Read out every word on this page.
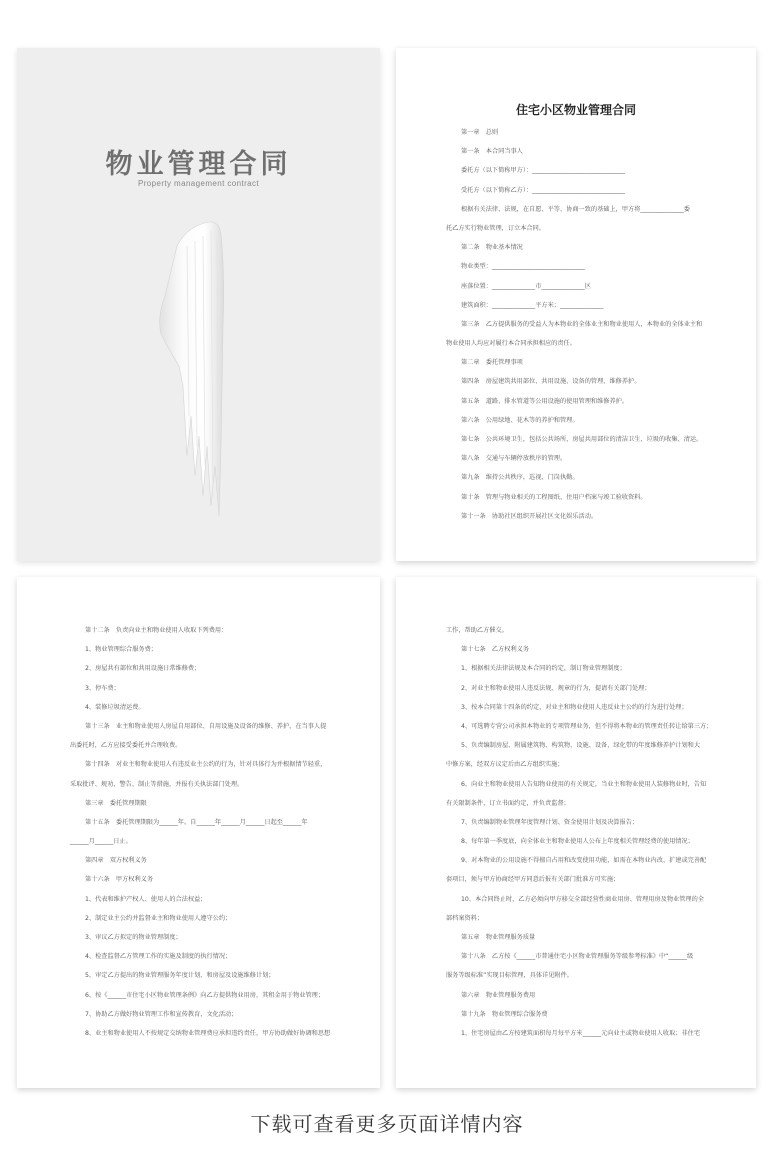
物业管理合同
Property management contract
住宅小区物业管理合同
第一章　总则
第一条　本合同当事人
委托方（以下简称甲方）：______________________________
受托方（以下简称乙方）：______________________________
根据有关法律、法规，在自愿、平等、协商一致的基础上，甲方将______________委
托乙方实行物业管理，订立本合同。
第二条　物业基本情况
物业类型：______________________________
座落位置：______________市______________区
建筑面积：______________平方米；______________
第三条　乙方提供服务的受益人为本物业的全体业主和物业使用人，本物业的全体业主和
物业使用人均应对履行本合同承担相应的责任。
第二章　委托管理事项
第四条　房屋建筑共用部位、共用设施、设备的管理、维修养护。
第五条　道路、排水管道等公用设施的使用管理和维修养护。
第六条　公用绿地、花木等的养护和管理。
第七条　公共环境卫生，包括公共场所、房屋共用部位的清洁卫生、垃圾的收集、清运。
第八条　交通与车辆停放秩序的管理。
第九条　维持公共秩序，巡视、门岗执勤。
第十条　管理与物业相关的工程图纸、住用户档案与竣工验收资料。
第十一条　协助社区组织开展社区文化娱乐活动。
第十二条　负责向业主和物业使用人收取下列费用：
1、物业管理综合服务费；
2、房屋共有部位和共用设施日常维修费；
3、停车费；
4、装修垃圾清运费。
第十三条　业主和物业使用人房屋自用部位、自用设施及设备的维修、养护，在当事人提
出委托时，乙方应接受委托并合理收费。
第十四条　对业主和物业使用人有违反业主公约的行为，针对具体行为并根据情节轻重，
采取批评、规劝、警告、制止等措施，并报有关执法部门处理。
第三章　委托管理期限
第十五条　委托管理期限为______年。自______年______月______日起至______年
______月______日止。
第四章　双方权利义务
第十六条　甲方权利义务
1、代表和维护产权人、使用人的合法权益；
2、制定业主公约并监督业主和物业使用人遵守公约；
3、审议乙方拟定的物业管理制度；
4、检查监督乙方管理工作的实施及制度的执行情况；
5、审定乙方提出的物业管理服务年度计划、和房屋及设施维修计划；
6、按《______市住宅小区物业管理条例》向乙方提供物业用房，其租金用于物业管理；
7、协助乙方做好物业管理工作和宣传教育、文化活动；
8、业主和物业使用人不按规定交纳物业管理费应承担违约责任，甲方协助做好协调和思想
工作，帮助乙方催交。
第十七条　乙方权利义务
1、根据相关法律法规及本合同的约定，制订物业管理制度；
2、对业主和物业使用人违反法规、规章的行为，提请有关部门处理；
3、按本合同第十四条的约定，对业主和物业使用人违反业主公约的行为进行处理；
4、可选聘专营公司承担本物业的专项管理业务，但不得将本物业的管理责任转让给第三方；
5、负责编制房屋、附属建筑物、构筑物、设施、设备，绿化带的年度维修养护计划和大
中修方案，经双方议定后由乙方组织实施；
6、向业主和物业使用人告知物业使用的有关规定，当业主和物业使用人装修物业时，告知
有关限制条件，订立书面约定，并负责监督；
7、负责编制物业管理年度管理计划、资金使用计划及决算报告；
8、每年第一季度底，向全体业主和物业使用人公布上年度相关管理经费的使用情况；
9、对本物业的公用设施不得擅自占用和改变使用功能，如需在本物业内改、扩建或完善配
套项目，须与甲方协商经甲方同意后报有关部门批准方可实施；
10、本合同终止时，乙方必须向甲方移交全部经营性商业用房、管理用房及物业管理的全
部档案资料；
第五章　物业管理服务质量
第十八条　乙方按《______市普通住宅小区物业管理服务等级参考标准》中“______级
服务等级标准”实现目标管理，具体详见附件。
第六章　物业管理服务费用
第十九条　物业管理综合服务费
1、住宅房屋由乙方按建筑面积每月每平方米______元向业主或物业使用人收取；非住宅
下载可查看更多页面详情内容
